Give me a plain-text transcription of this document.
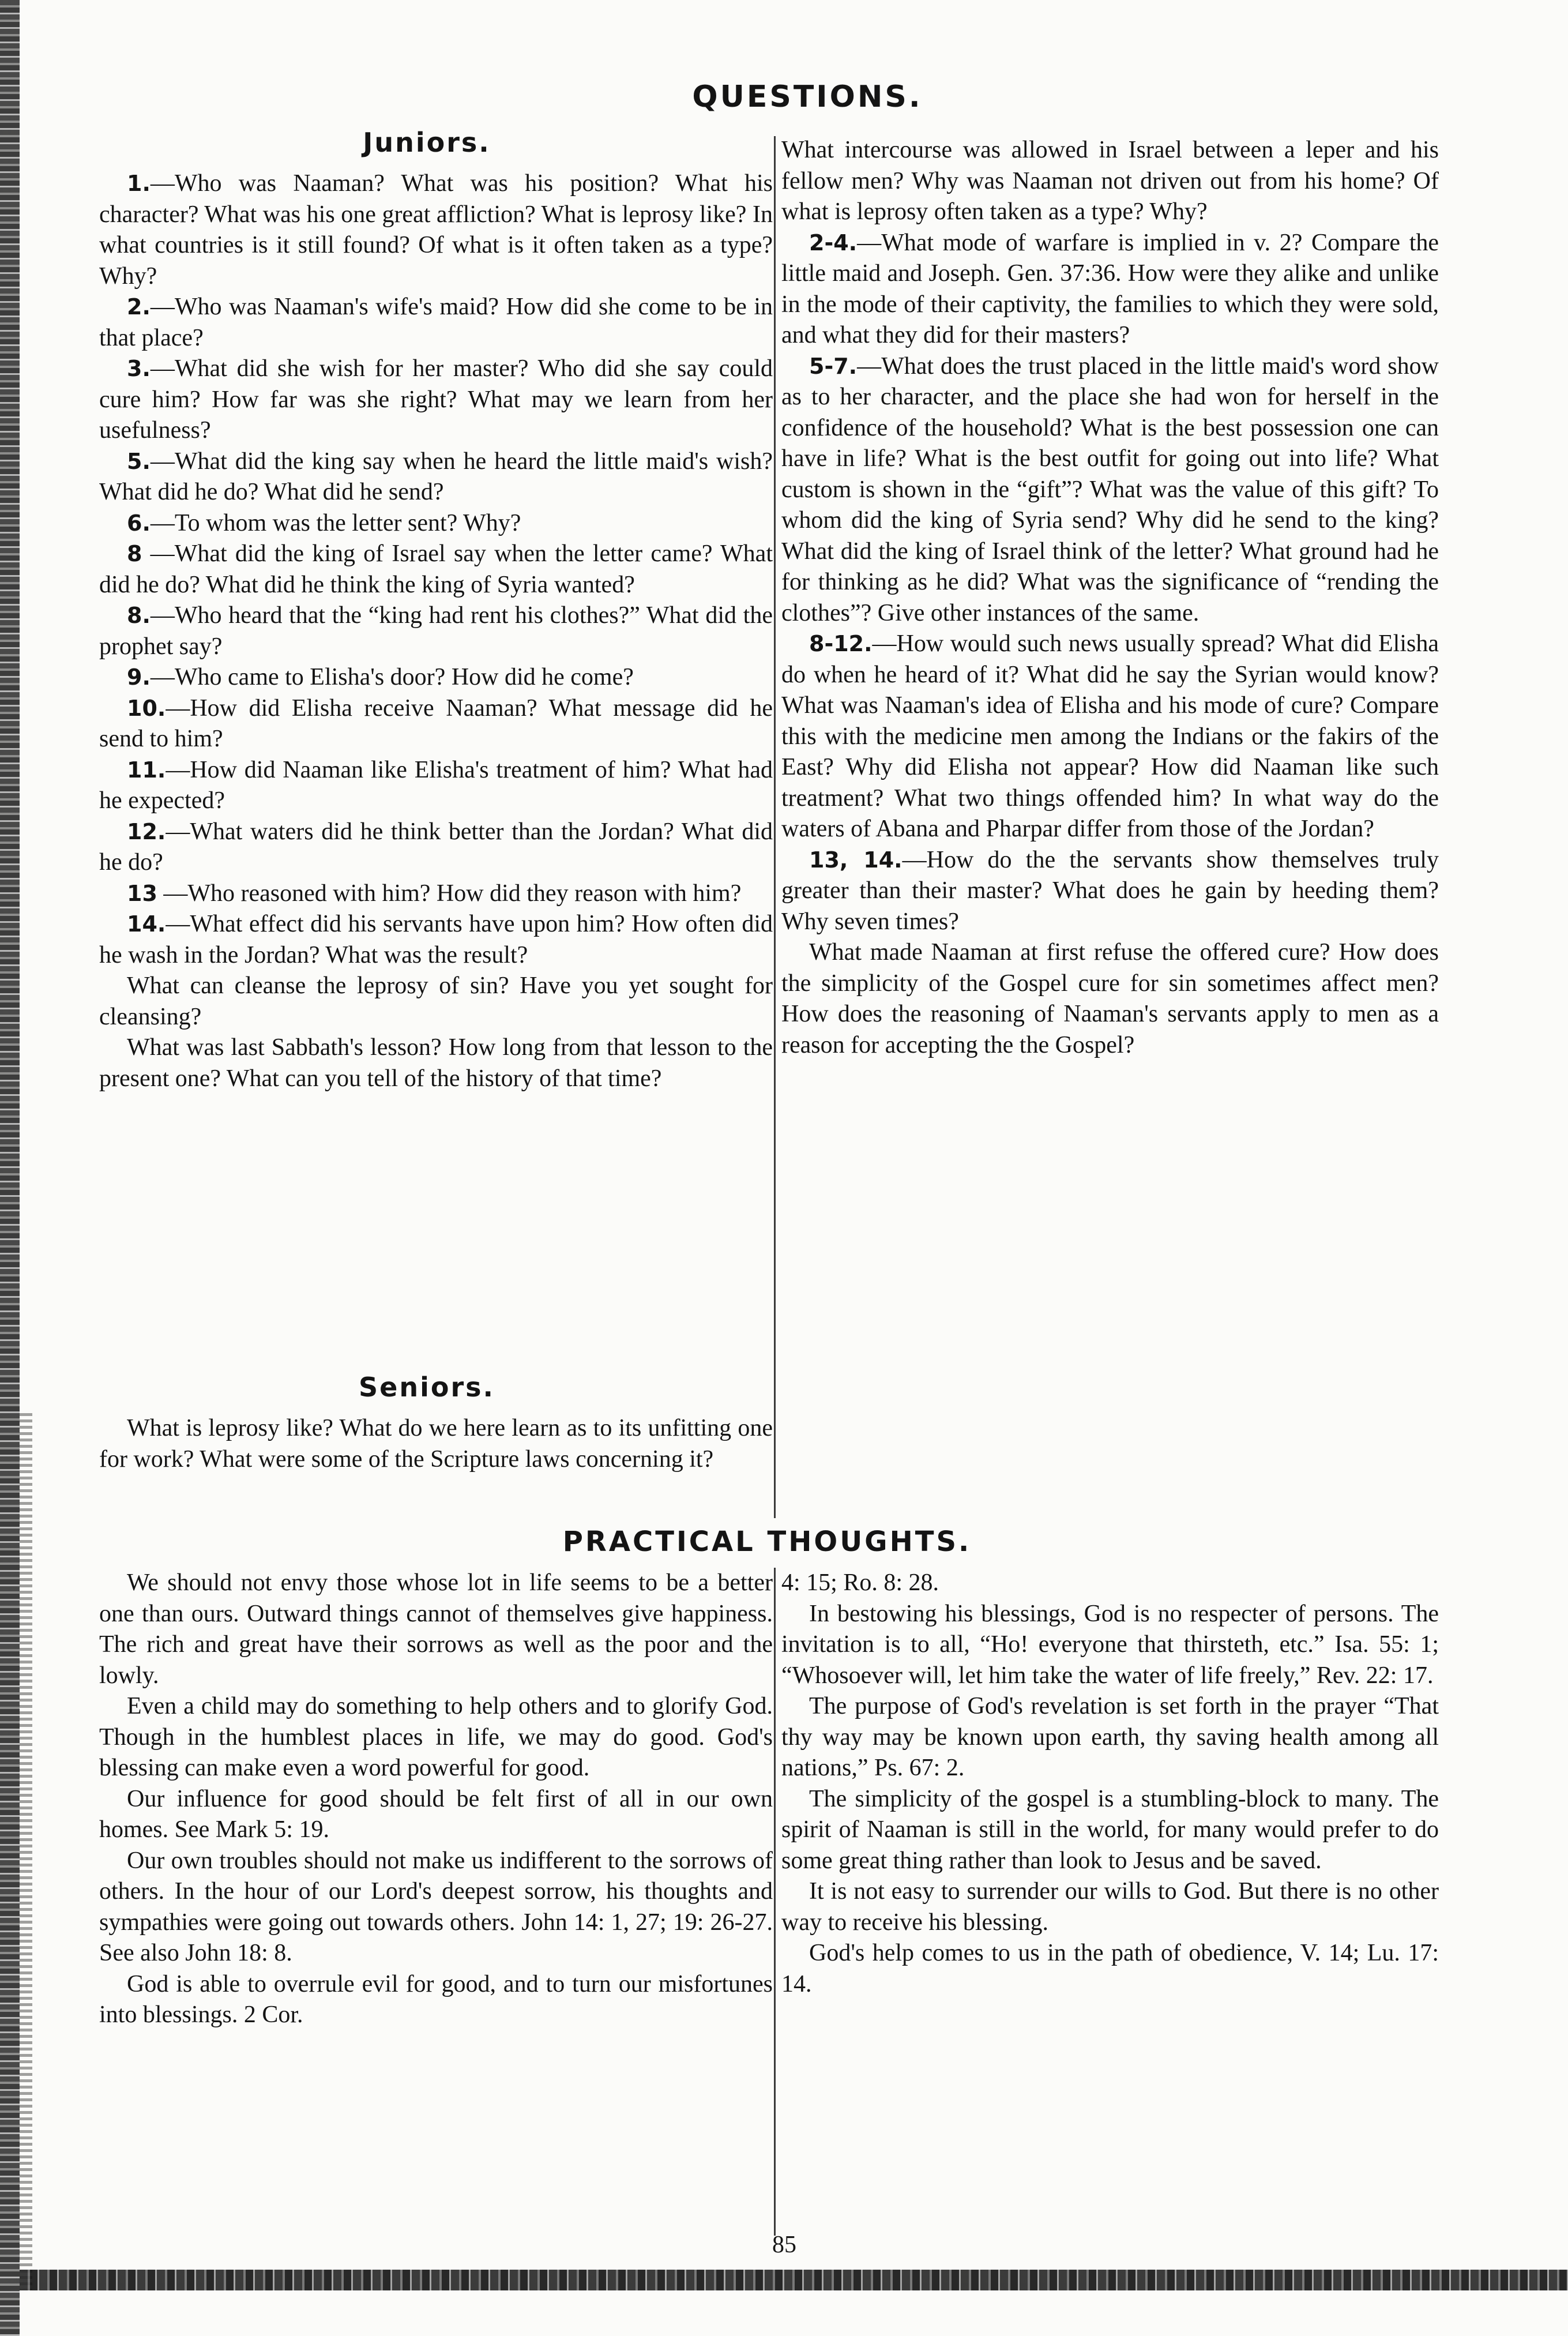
QUESTIONS.
Juniors.

1.—Who was Naaman? What was his position? What his character? What was his one great affliction? What is leprosy like? In what countries is it still found? Of what is it often taken as a type? Why?

2.—Who was Naaman's wife's maid? How did she come to be in that place?

3.—What did she wish for her master? Who did she say could cure him? How far was she right? What may we learn from her usefulness?

5.—What did the king say when he heard the little maid's wish? What did he do? What did he send?

6.—To whom was the letter sent? Why?

8 —What did the king of Israel say when the letter came? What did he do? What did he think the king of Syria wanted?

8.—Who heard that the “king had rent his clothes?” What did the prophet say?

9.—Who came to Elisha's door? How did he come?

10.—How did Elisha receive Naaman? What message did he send to him?

11.—How did Naaman like Elisha's treatment of him? What had he expected?

12.—What waters did he think better than the Jordan? What did he do?

13 —Who reasoned with him? How did they reason with him?

14.—What effect did his servants have upon him? How often did he wash in the Jordan? What was the result?

What can cleanse the leprosy of sin? Have you yet sought for cleansing?

What was last Sabbath's lesson? How long from that lesson to the present one? What can you tell of the history of that time?

Seniors.

What is leprosy like? What do we here learn as to its unfitting one for work? What were some of the Scripture laws concerning it?

What intercourse was allowed in Israel between a leper and his fellow men? Why was Naaman not driven out from his home? Of what is leprosy often taken as a type? Why?

2-4.—What mode of warfare is implied in v. 2? Compare the little maid and Joseph. Gen. 37:36. How were they alike and unlike in the mode of their captivity, the families to which they were sold, and what they did for their masters?

5-7.—What does the trust placed in the little maid's word show as to her character, and the place she had won for herself in the confidence of the household? What is the best possession one can have in life? What is the best outfit for going out into life? What custom is shown in the “gift”? What was the value of this gift? To whom did the king of Syria send? Why did he send to the king? What did the king of Israel think of the letter? What ground had he for thinking as he did? What was the significance of “rending the clothes”? Give other instances of the same.

8-12.—How would such news usually spread? What did Elisha do when he heard of it? What did he say the Syrian would know? What was Naaman's idea of Elisha and his mode of cure? Compare this with the medicine men among the Indians or the fakirs of the East? Why did Elisha not appear? How did Naaman like such treatment? What two things offended him? In what way do the waters of Abana and Pharpar differ from those of the Jordan?

13, 14.—How do the the servants show themselves truly greater than their master? What does he gain by heeding them? Why seven times?

What made Naaman at first refuse the offered cure? How does the simplicity of the Gospel cure for sin sometimes affect men? How does the reasoning of Naaman's servants apply to men as a reason for accepting the the Gospel?

PRACTICAL THOUGHTS.

We should not envy those whose lot in life seems to be a better one than ours. Outward things cannot of themselves give happiness. The rich and great have their sorrows as well as the poor and the lowly.

Even a child may do something to help others and to glorify God. Though in the humblest places in life, we may do good. God's blessing can make even a word powerful for good.

Our influence for good should be felt first of all in our own homes. See Mark 5: 19.

Our own troubles should not make us indifferent to the sorrows of others. In the hour of our Lord's deepest sorrow, his thoughts and sympathies were going out towards others. John 14: 1, 27; 19: 26-27. See also John 18: 8.

God is able to overrule evil for good, and to turn our misfortunes into blessings. 2 Cor.

4: 15; Ro. 8: 28.

In bestowing his blessings, God is no respecter of persons. The invitation is to all, “Ho! everyone that thirsteth, etc.” Isa. 55: 1; “Whosoever will, let him take the water of life freely,” Rev. 22: 17.

The purpose of God's revelation is set forth in the prayer “That thy way may be known upon earth, thy saving health among all nations,” Ps. 67: 2.

The simplicity of the gospel is a stumbling-block to many. The spirit of Naaman is still in the world, for many would prefer to do some great thing rather than look to Jesus and be saved.

It is not easy to surrender our wills to God. But there is no other way to receive his blessing.

God's help comes to us in the path of obedience, V. 14; Lu. 17: 14.

85
